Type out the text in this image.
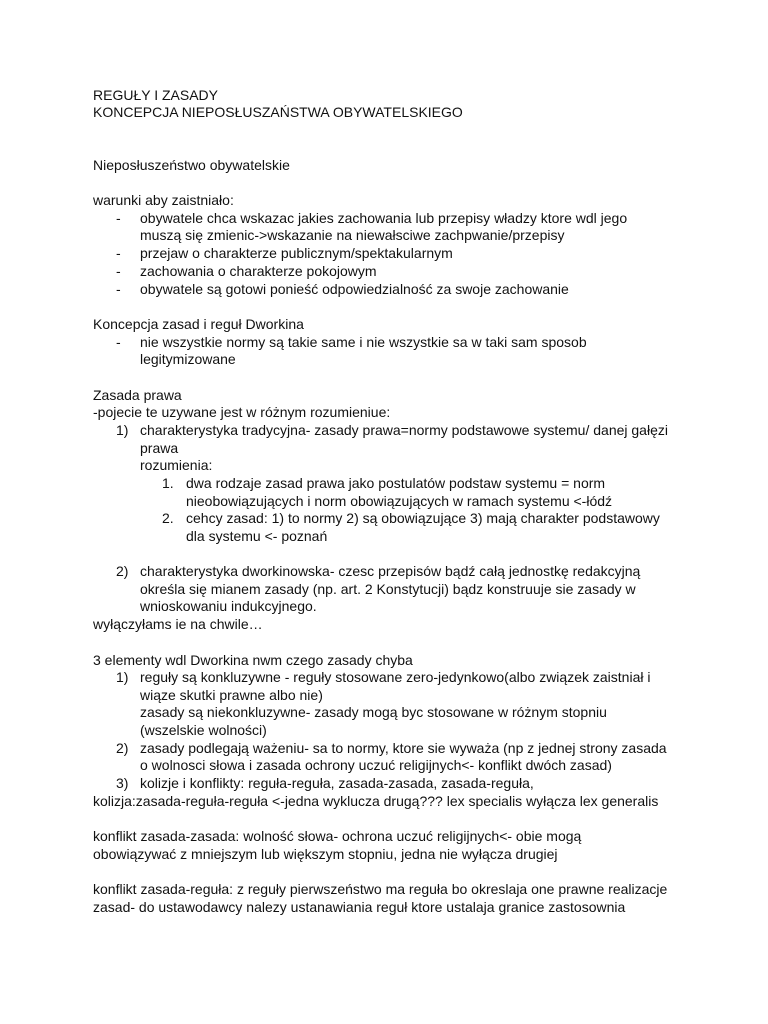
REGUŁY I ZASADY
KONCEPCJA NIEPOSŁUSZAŃSTWA OBYWATELSKIEGO
Nieposłuszeństwo obywatelskie
warunki aby zaistniało:
- obywatele chca wskazac jakies zachowania lub przepisy władzy ktore wdl jego
muszą się zmienic->wskazanie na niewałsciwe zachpwanie/przepisy
- przejaw o charakterze publicznym/spektakularnym
- zachowania o charakterze pokojowym
- obywatele są gotowi ponieść odpowiedzialność za swoje zachowanie
Koncepcja zasad i reguł Dworkina
- nie wszystkie normy są takie same i nie wszystkie sa w taki sam sposob
legitymizowane
Zasada prawa
-pojecie te uzywane jest w różnym rozumieniue:
1) charakterystyka tradycyjna- zasady prawa=normy podstawowe systemu/ danej gałęzi
prawa
rozumienia:
1. dwa rodzaje zasad prawa jako postulatów podstaw systemu = norm
nieobowiązujących i norm obowiązujących w ramach systemu <-łódź
2. cehcy zasad: 1) to normy 2) są obowiązujące 3) mają charakter podstawowy
dla systemu <- poznań
2) charakterystyka dworkinowska- czesc przepisów bądź całą jednostkę redakcyjną
określa się mianem zasady (np. art. 2 Konstytucji) bądz konstruuje sie zasady w
wnioskowaniu indukcyjnego.
wyłączyłams ie na chwile…
3 elementy wdl Dworkina nwm czego zasady chyba
1) reguły są konkluzywne - reguły stosowane zero-jedynkowo(albo związek zaistniał i
wiąze skutki prawne albo nie)
zasady są niekonkluzywne- zasady mogą byc stosowane w różnym stopniu
(wszelskie wolności)
2) zasady podlegają ważeniu- sa to normy, ktore sie wyważa (np z jednej strony zasada
o wolnosci słowa i zasada ochrony uczuć religijnych<- konflikt dwóch zasad)
3) kolizje i konflikty: reguła-reguła, zasada-zasada, zasada-reguła,
kolizja:zasada-reguła-reguła <-jedna wyklucza drugą??? lex specialis wyłącza lex generalis
konflikt zasada-zasada: wolność słowa- ochrona uczuć religijnych<- obie mogą
obowiązywać z mniejszym lub większym stopniu, jedna nie wyłącza drugiej
konflikt zasada-reguła: z reguły pierwszeństwo ma reguła bo okreslaja one prawne realizacje
zasad- do ustawodawcy nalezy ustanawiania reguł ktore ustalaja granice zastosownia
